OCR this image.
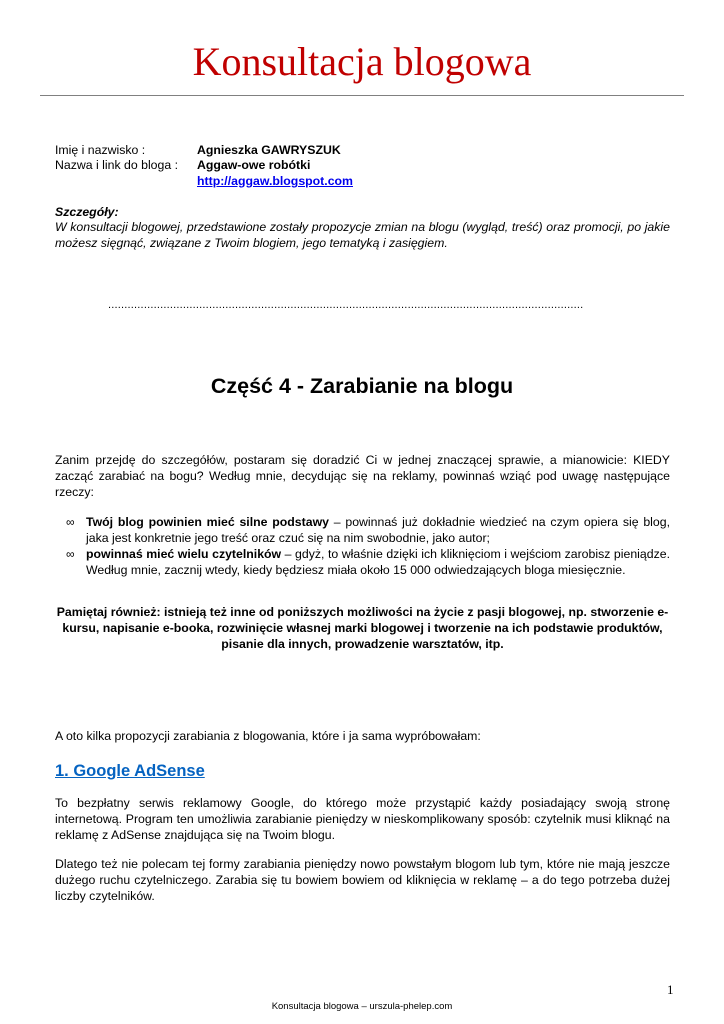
Konsultacja blogowa
Imię i nazwisko :	Agnieszka GAWRYSZUK
Nazwa i link do bloga : Aggaw-owe robótki
http://aggaw.blogspot.com
Szczegóły:
W konsultacji blogowej, przedstawione zostały propozycje zmian na blogu (wygląd, treść) oraz promocji, po jakie możesz sięgnąć, związane z Twoim blogiem, jego tematyką i zasięgiem.
..................................................................................................................................................
Część 4 - Zarabianie na blogu
Zanim przejdę do szczegółów, postaram się doradzić Ci w jednej znaczącej sprawie, a mianowicie: KIEDY zacząć zarabiać na bogu? Według mnie, decydując się na reklamy, powinnaś wziąć pod uwagę następujące rzeczy:
∞ Twój blog powinien mieć silne podstawy – powinnaś już dokładnie wiedzieć na czym opiera się blog, jaka jest konkretnie jego treść oraz czuć się na nim swobodnie, jako autor;
∞ powinnaś mieć wielu czytelników – gdyż, to właśnie dzięki ich kliknięciom i wejściom zarobisz pieniądze. Według mnie, zacznij wtedy, kiedy będziesz miała około 15 000 odwiedzających bloga miesięcznie.
Pamiętaj również: istnieją też inne od poniższych możliwości na życie z pasji blogowej, np. stworzenie e-kursu, napisanie e-booka, rozwinięcie własnej marki blogowej i tworzenie na ich podstawie produktów, pisanie dla innych, prowadzenie warsztatów, itp.
A oto kilka propozycji zarabiania z blogowania, które i ja sama wypróbowałam:
1. Google AdSense
To bezpłatny serwis reklamowy Google, do którego może przystąpić każdy posiadający swoją stronę internetową. Program ten umożliwia zarabianie pieniędzy w nieskomplikowany sposób: czytelnik musi kliknąć na reklamę z AdSense znajdująca się na Twoim blogu.
Dlatego też nie polecam tej formy zarabiania pieniędzy nowo powstałym blogom lub tym, które nie mają jeszcze dużego ruchu czytelniczego. Zarabia się tu bowiem bowiem od kliknięcia w reklamę – a do tego potrzeba dużej liczby czytelników.
1
Konsultacja blogowa – urszula-phelep.com
